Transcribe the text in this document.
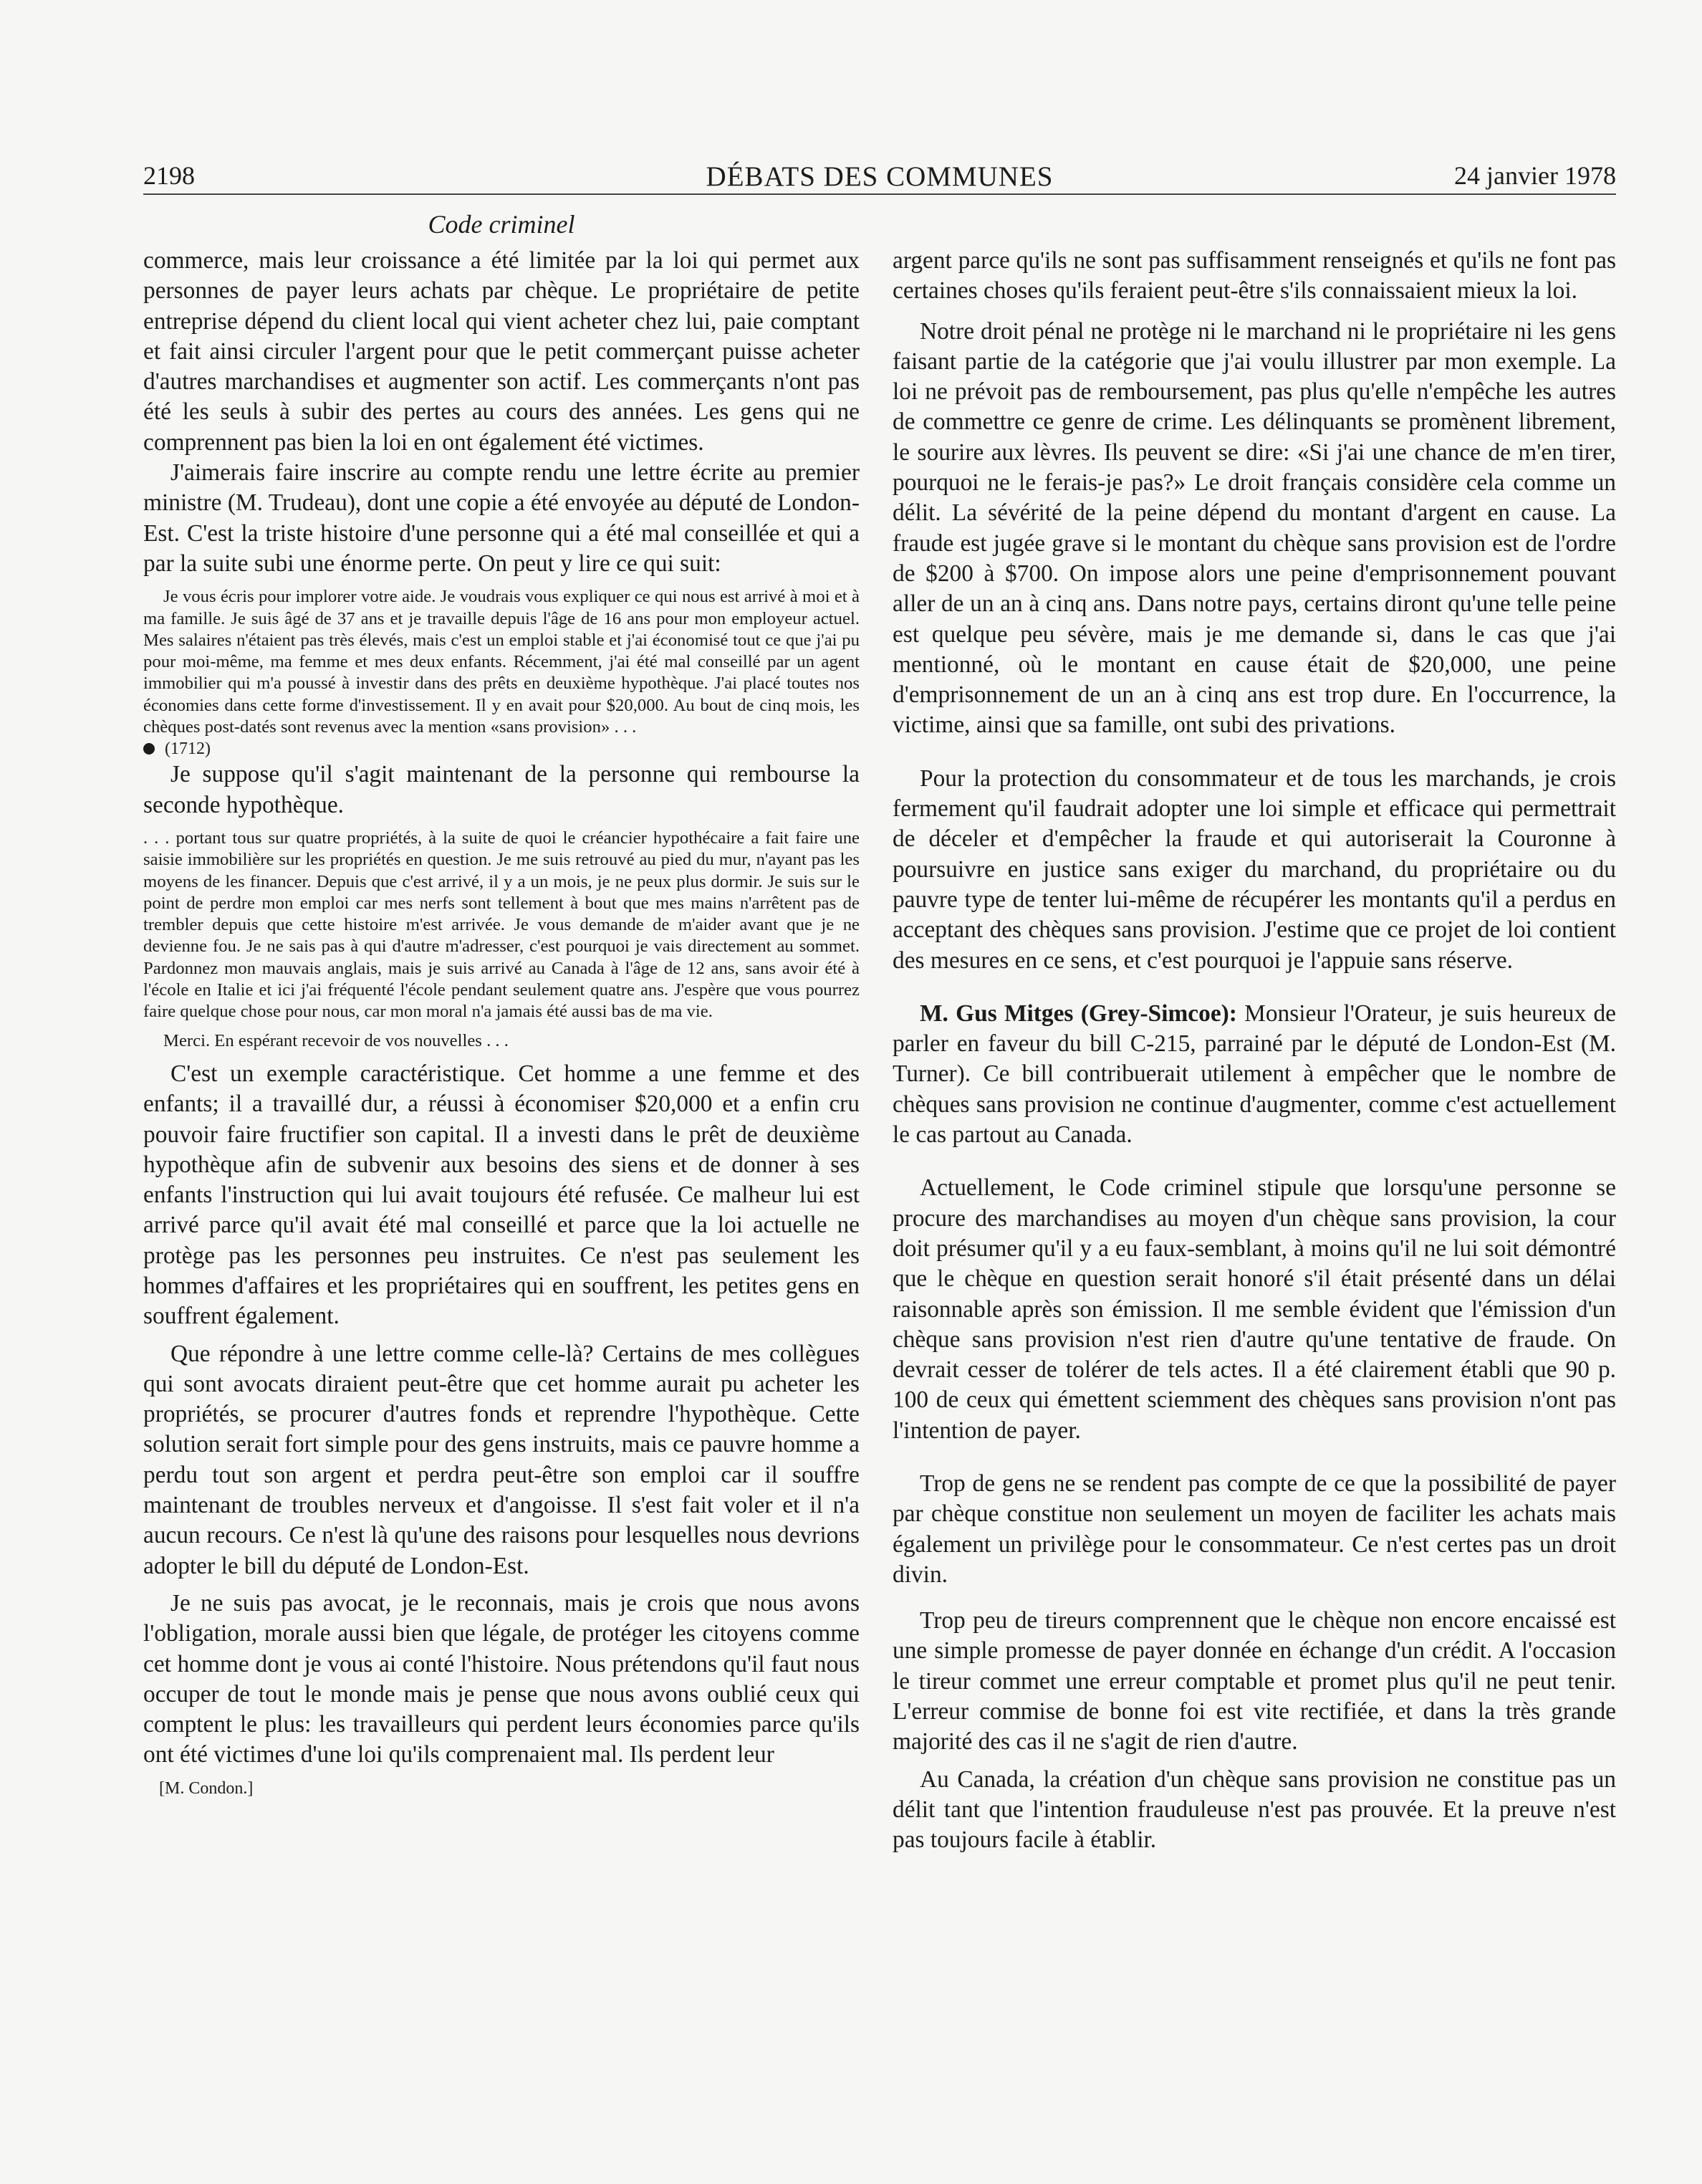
2198	DÉBATS DES COMMUNES	24 janvier 1978
Code criminel

commerce, mais leur croissance a été limitée par la loi qui permet aux personnes de payer leurs achats par chèque. Le propriétaire de petite entreprise dépend du client local qui vient acheter chez lui, paie comptant et fait ainsi circuler l'argent pour que le petit commerçant puisse acheter d'autres marchandises et augmenter son actif. Les commerçants n'ont pas été les seuls à subir des pertes au cours des années. Les gens qui ne comprennent pas bien la loi en ont également été victimes.

J'aimerais faire inscrire au compte rendu une lettre écrite au premier ministre (M. Trudeau), dont une copie a été envoyée au député de London-Est. C'est la triste histoire d'une personne qui a été mal conseillée et qui a par la suite subi une énorme perte. On peut y lire ce qui suit:

Je vous écris pour implorer votre aide. Je voudrais vous expliquer ce qui nous est arrivé à moi et à ma famille. Je suis âgé de 37 ans et je travaille depuis l'âge de 16 ans pour mon employeur actuel. Mes salaires n'étaient pas très élevés, mais c'est un emploi stable et j'ai économisé tout ce que j'ai pu pour moi-même, ma femme et mes deux enfants. Récemment, j'ai été mal conseillé par un agent immobilier qui m'a poussé à investir dans des prêts en deuxième hypothèque. J'ai placé toutes nos économies dans cette forme d'investissement. Il y en avait pour $20,000. Au bout de cinq mois, les chèques post-datés sont revenus avec la mention «sans provision» . . .

(1712)

Je suppose qu'il s'agit maintenant de la personne qui rembourse la seconde hypothèque.

. . . portant tous sur quatre propriétés, à la suite de quoi le créancier hypothécaire a fait faire une saisie immobilière sur les propriétés en question. Je me suis retrouvé au pied du mur, n'ayant pas les moyens de les financer. Depuis que c'est arrivé, il y a un mois, je ne peux plus dormir. Je suis sur le point de perdre mon emploi car mes nerfs sont tellement à bout que mes mains n'arrêtent pas de trembler depuis que cette histoire m'est arrivée. Je vous demande de m'aider avant que je ne devienne fou. Je ne sais pas à qui d'autre m'adresser, c'est pourquoi je vais directement au sommet. Pardonnez mon mauvais anglais, mais je suis arrivé au Canada à l'âge de 12 ans, sans avoir été à l'école en Italie et ici j'ai fréquenté l'école pendant seulement quatre ans. J'espère que vous pourrez faire quelque chose pour nous, car mon moral n'a jamais été aussi bas de ma vie.

Merci. En espérant recevoir de vos nouvelles . . .

C'est un exemple caractéristique. Cet homme a une femme et des enfants; il a travaillé dur, a réussi à économiser $20,000 et a enfin cru pouvoir faire fructifier son capital. Il a investi dans le prêt de deuxième hypothèque afin de subvenir aux besoins des siens et de donner à ses enfants l'instruction qui lui avait toujours été refusée. Ce malheur lui est arrivé parce qu'il avait été mal conseillé et parce que la loi actuelle ne protège pas les personnes peu instruites. Ce n'est pas seulement les hommes d'affaires et les propriétaires qui en souffrent, les petites gens en souffrent également.

Que répondre à une lettre comme celle-là? Certains de mes collègues qui sont avocats diraient peut-être que cet homme aurait pu acheter les propriétés, se procurer d'autres fonds et reprendre l'hypothèque. Cette solution serait fort simple pour des gens instruits, mais ce pauvre homme a perdu tout son argent et perdra peut-être son emploi car il souffre maintenant de troubles nerveux et d'angoisse. Il s'est fait voler et il n'a aucun recours. Ce n'est là qu'une des raisons pour lesquelles nous devrions adopter le bill du député de London-Est.

Je ne suis pas avocat, je le reconnais, mais je crois que nous avons l'obligation, morale aussi bien que légale, de protéger les citoyens comme cet homme dont je vous ai conté l'histoire. Nous prétendons qu'il faut nous occuper de tout le monde mais je pense que nous avons oublié ceux qui comptent le plus: les travailleurs qui perdent leurs économies parce qu'ils ont été victimes d'une loi qu'ils comprenaient mal. Ils perdent leur

[M. Condon.]

argent parce qu'ils ne sont pas suffisamment renseignés et qu'ils ne font pas certaines choses qu'ils feraient peut-être s'ils connaissaient mieux la loi.

Notre droit pénal ne protège ni le marchand ni le propriétaire ni les gens faisant partie de la catégorie que j'ai voulu illustrer par mon exemple. La loi ne prévoit pas de remboursement, pas plus qu'elle n'empêche les autres de commettre ce genre de crime. Les délinquants se promènent librement, le sourire aux lèvres. Ils peuvent se dire: «Si j'ai une chance de m'en tirer, pourquoi ne le ferais-je pas?» Le droit français considère cela comme un délit. La sévérité de la peine dépend du montant d'argent en cause. La fraude est jugée grave si le montant du chèque sans provision est de l'ordre de $200 à $700. On impose alors une peine d'emprisonnement pouvant aller de un an à cinq ans. Dans notre pays, certains diront qu'une telle peine est quelque peu sévère, mais je me demande si, dans le cas que j'ai mentionné, où le montant en cause était de $20,000, une peine d'emprisonnement de un an à cinq ans est trop dure. En l'occurrence, la victime, ainsi que sa famille, ont subi des privations.

Pour la protection du consommateur et de tous les marchands, je crois fermement qu'il faudrait adopter une loi simple et efficace qui permettrait de déceler et d'empêcher la fraude et qui autoriserait la Couronne à poursuivre en justice sans exiger du marchand, du propriétaire ou du pauvre type de tenter lui-même de récupérer les montants qu'il a perdus en acceptant des chèques sans provision. J'estime que ce projet de loi contient des mesures en ce sens, et c'est pourquoi je l'appuie sans réserve.

M. Gus Mitges (Grey-Simcoe): Monsieur l'Orateur, je suis heureux de parler en faveur du bill C-215, parrainé par le député de London-Est (M. Turner). Ce bill contribuerait utilement à empêcher que le nombre de chèques sans provision ne continue d'augmenter, comme c'est actuellement le cas partout au Canada.

Actuellement, le Code criminel stipule que lorsqu'une personne se procure des marchandises au moyen d'un chèque sans provision, la cour doit présumer qu'il y a eu faux-semblant, à moins qu'il ne lui soit démontré que le chèque en question serait honoré s'il était présenté dans un délai raisonnable après son émission. Il me semble évident que l'émission d'un chèque sans provision n'est rien d'autre qu'une tentative de fraude. On devrait cesser de tolérer de tels actes. Il a été clairement établi que 90 p. 100 de ceux qui émettent sciemment des chèques sans provision n'ont pas l'intention de payer.

Trop de gens ne se rendent pas compte de ce que la possibilité de payer par chèque constitue non seulement un moyen de faciliter les achats mais également un privilège pour le consommateur. Ce n'est certes pas un droit divin.

Trop peu de tireurs comprennent que le chèque non encore encaissé est une simple promesse de payer donnée en échange d'un crédit. A l'occasion le tireur commet une erreur comptable et promet plus qu'il ne peut tenir. L'erreur commise de bonne foi est vite rectifiée, et dans la très grande majorité des cas il ne s'agit de rien d'autre.

Au Canada, la création d'un chèque sans provision ne constitue pas un délit tant que l'intention frauduleuse n'est pas prouvée. Et la preuve n'est pas toujours facile à établir.
